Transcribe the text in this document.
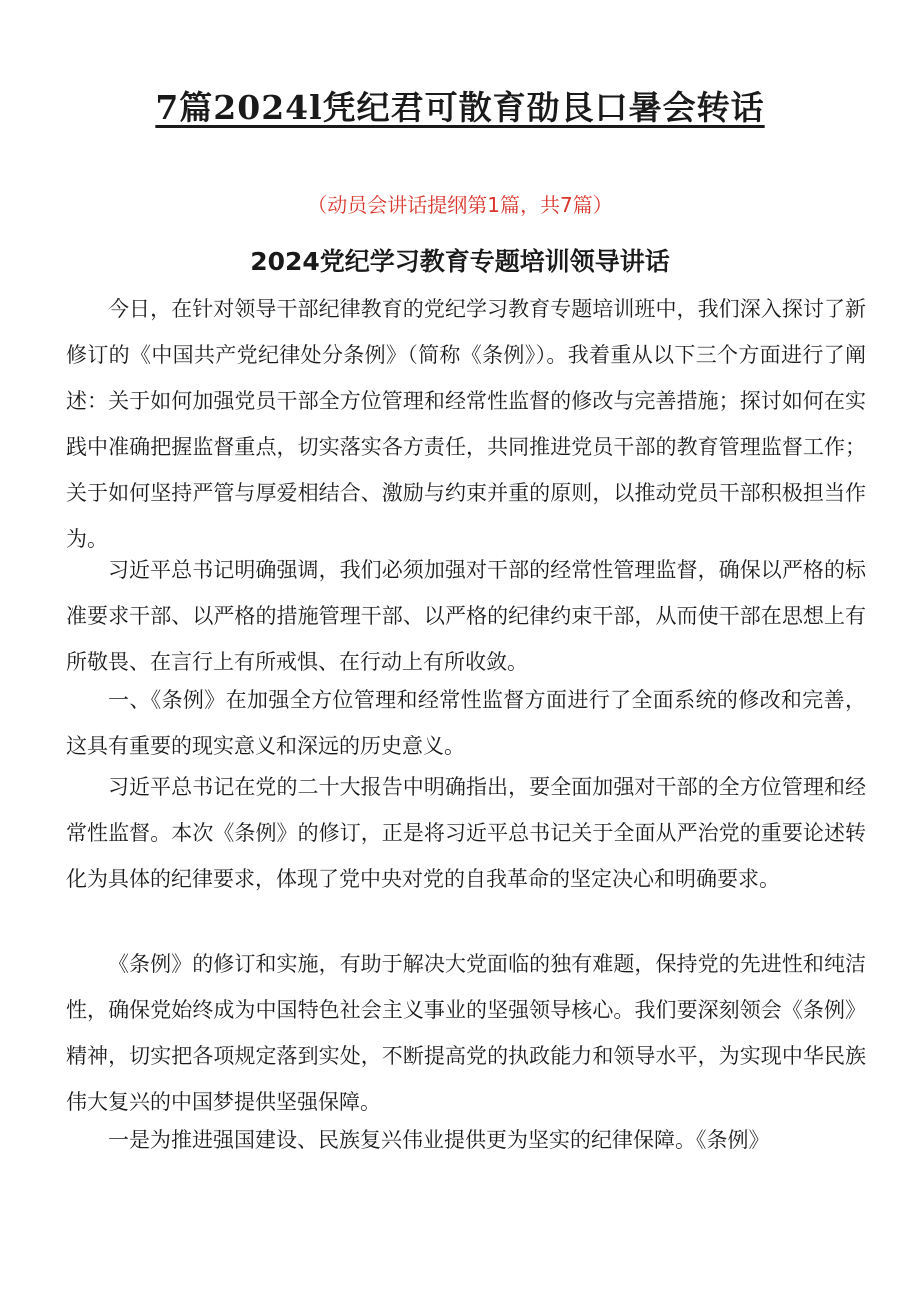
7篇2024l凭纪君可散育劭艮口暑会转话
（动员会讲话提纲第1篇，共7篇）
2024党纪学习教育专题培训领导讲话

今日，在针对领导干部纪律教育的党纪学习教育专题培训班中，我们深入探讨了新修订的《中国共产党纪律处分条例》（简称《条例》）。我着重从以下三个方面进行了阐述：关于如何加强党员干部全方位管理和经常性监督的修改与完善措施；探讨如何在实践中准确把握监督重点，切实落实各方责任，共同推进党员干部的教育管理监督工作；关于如何坚持严管与厚爱相结合、激励与约束并重的原则，以推动党员干部积极担当作为。

习近平总书记明确强调，我们必须加强对干部的经常性管理监督，确保以严格的标准要求干部、以严格的措施管理干部、以严格的纪律约束干部，从而使干部在思想上有所敬畏、在言行上有所戒惧、在行动上有所收敛。

一、《条例》在加强全方位管理和经常性监督方面进行了全面系统的修改和完善，这具有重要的现实意义和深远的历史意义。

习近平总书记在党的二十大报告中明确指出，要全面加强对干部的全方位管理和经常性监督。本次《条例》的修订，正是将习近平总书记关于全面从严治党的重要论述转化为具体的纪律要求，体现了党中央对党的自我革命的坚定决心和明确要求。

《条例》的修订和实施，有助于解决大党面临的独有难题，保持党的先进性和纯洁性，确保党始终成为中国特色社会主义事业的坚强领导核心。我们要深刻领会《条例》精神，切实把各项规定落到实处，不断提高党的执政能力和领导水平，为实现中华民族伟大复兴的中国梦提供坚强保障。

一是为推进强国建设、民族复兴伟业提供更为坚实的纪律保障。《条例》
